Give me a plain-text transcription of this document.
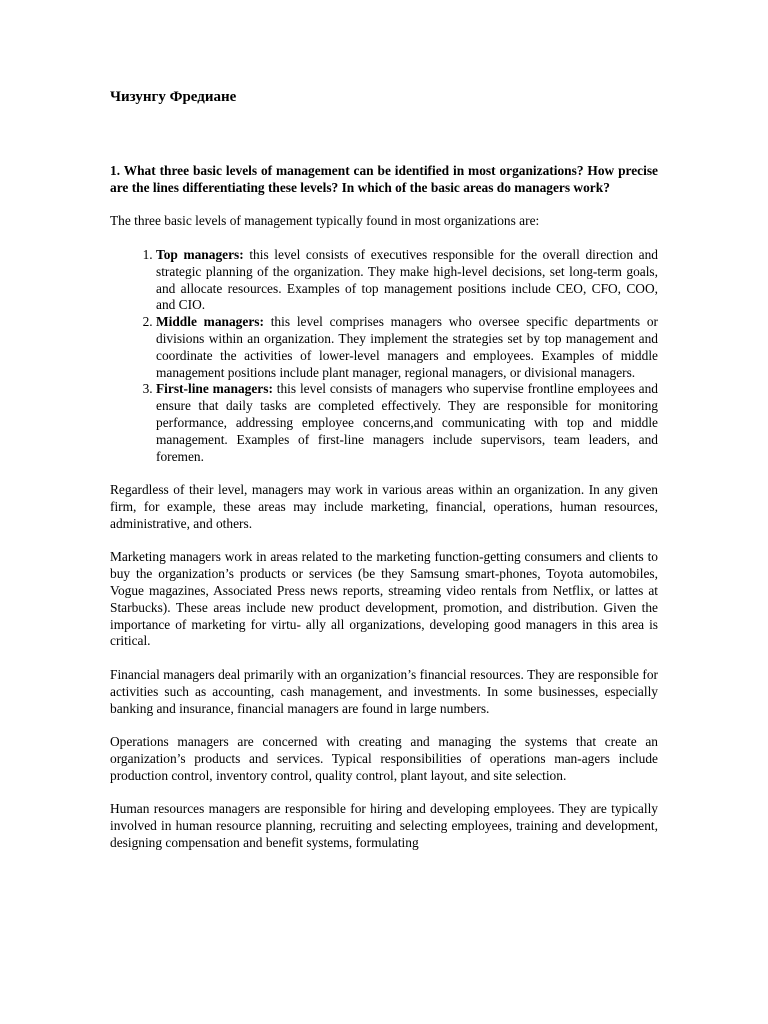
Чизунгу Фредиане
1. What three basic levels of management can be identified in most organizations? How precise are the lines differentiating these levels? In which of the basic areas do managers work?

The three basic levels of management typically found in most organizations are:

1. Top managers: this level consists of executives responsible for the overall direction and strategic planning of the organization. They make high-level decisions, set long-term goals, and allocate resources. Examples of top management positions include CEO, CFO, COO, and CIO.
2. Middle managers: this level comprises managers who oversee specific departments or divisions within an organization. They implement the strategies set by top management and coordinate the activities of lower-level managers and employees. Examples of middle management positions include plant manager, regional managers, or divisional managers.
3. First-line managers: this level consists of managers who supervise frontline employees and ensure that daily tasks are completed effectively. They are responsible for monitoring performance, addressing employee concerns,and communicating with top and middle management. Examples of first-line managers include supervisors, team leaders, and foremen.

Regardless of their level, managers may work in various areas within an organization. In any given firm, for example, these areas may include marketing, financial, operations, human resources, administrative, and others.

Marketing managers work in areas related to the marketing function-getting consumers and clients to buy the organization’s products or services (be they Samsung smart-phones, Toyota automobiles, Vogue magazines, Associated Press news reports, streaming video rentals from Netflix, or lattes at Starbucks). These areas include new product development, promotion, and distribution. Given the importance of marketing for virtu- ally all organizations, developing good managers in this area is critical.

Financial managers deal primarily with an organization’s financial resources. They are responsible for activities such as accounting, cash management, and investments. In some businesses, especially banking and insurance, financial managers are found in large numbers.

Operations managers are concerned with creating and managing the systems that create an organization’s products and services. Typical responsibilities of operations man-agers include production control, inventory control, quality control, plant layout, and site selection.

Human resources managers are responsible for hiring and developing employees. They are typically involved in human resource planning, recruiting and selecting employees, training and development, designing compensation and benefit systems, formulating
